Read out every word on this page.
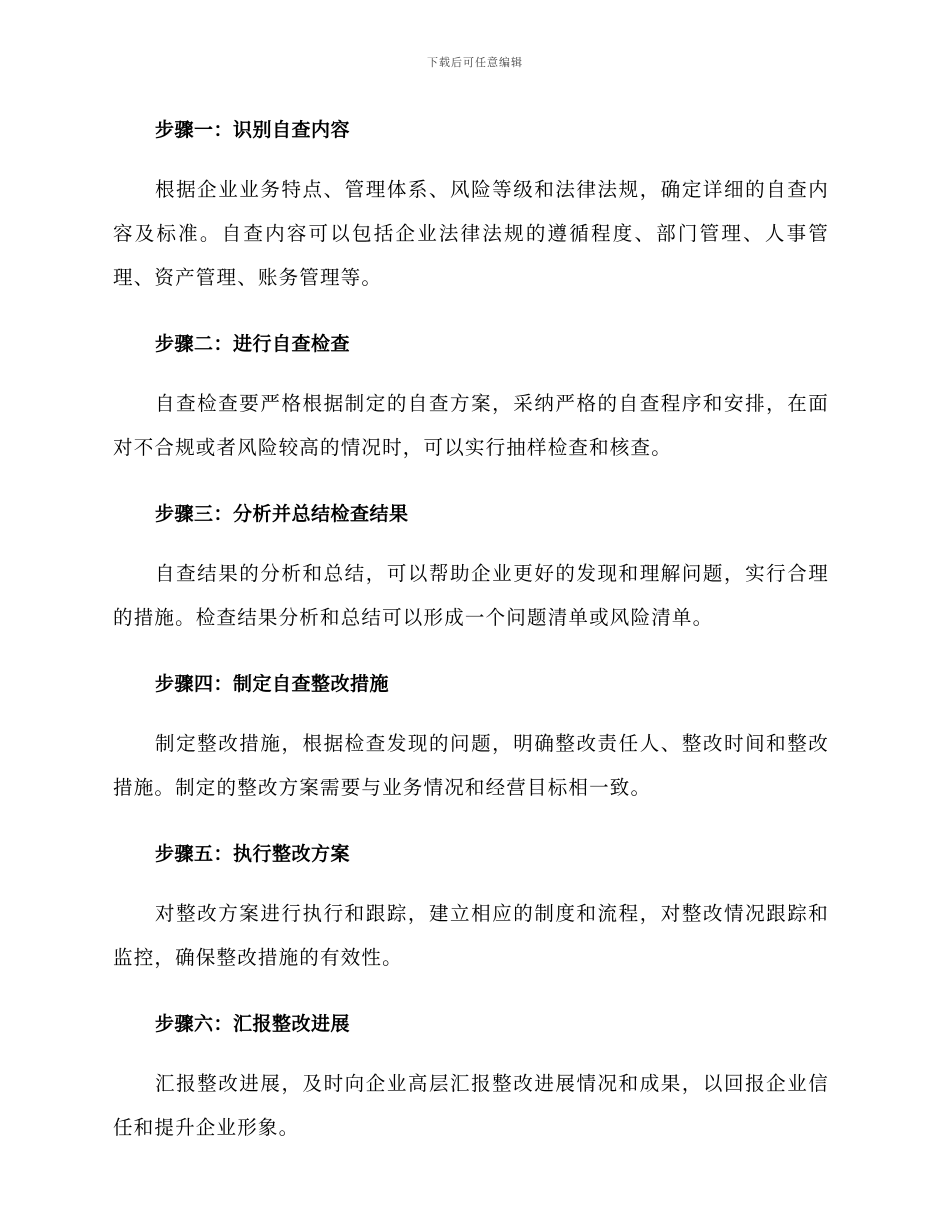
下载后可任意编辑

步骤一：识别自查内容

根据企业业务特点、管理体系、风险等级和法律法规，确定详细的自查内容及标准。自查内容可以包括企业法律法规的遵循程度、部门管理、人事管理、资产管理、账务管理等。

步骤二：进行自查检查

自查检查要严格根据制定的自查方案，采纳严格的自查程序和安排，在面对不合规或者风险较高的情况时，可以实行抽样检查和核查。

步骤三：分析并总结检查结果

自查结果的分析和总结，可以帮助企业更好的发现和理解问题，实行合理的措施。检查结果分析和总结可以形成一个问题清单或风险清单。

步骤四：制定自查整改措施

制定整改措施，根据检查发现的问题，明确整改责任人、整改时间和整改措施。制定的整改方案需要与业务情况和经营目标相一致。

步骤五：执行整改方案

对整改方案进行执行和跟踪，建立相应的制度和流程，对整改情况跟踪和监控，确保整改措施的有效性。

步骤六：汇报整改进展

汇报整改进展，及时向企业高层汇报整改进展情况和成果，以回报企业信任和提升企业形象。
